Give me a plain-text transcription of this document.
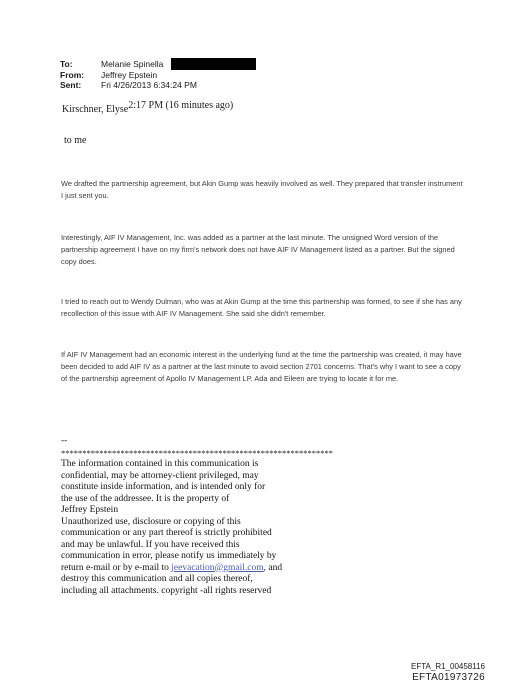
To:	Melanie Spinella
From:	Jeffrey Epstein
Sent:	Fri 4/26/2013 6:34:24 PM
Kirschner, Elyse$^{2:17 PM (16 minutes ago)}$
to me

We drafted the partnership agreement, but Akin Gump was heavily involved as well. They prepared that transfer instrument I just sent you.

Interestingly, AIF IV Management, Inc. was added as a partner at the last minute. The unsigned Word version of the partnership agreement I have on my firm's network does not have AIF IV Management listed as a partner. But the signed copy does.

I tried to reach out to Wendy Dulman, who was at Akin Gump at the time this partnership was formed, to see if she has any recollection of this issue with AIF IV Management. She said she didn't remember.

If AIF IV Management had an economic interest in the underlying fund at the time the partnership was created, it may have been decided to add AIF IV as a partner at the last minute to avoid section 2701 concerns. That's why I want to see a copy of the partnership agreement of Apollo IV Management LP. Ada and Eileen are trying to locate it for me.

--

****************************************************************

The information contained in this communication is

confidential, may be attorney-client privileged, may

constitute inside information, and is intended only for

the use of the addressee. It is the property of

Jeffrey Epstein

Unauthorized use, disclosure or copying of this

communication or any part thereof is strictly prohibited

and may be unlawful. If you have received this

communication in error, please notify us immediately by

return e-mail or by e-mail to jeevacation@gmail.com, and

destroy this communication and all copies thereof,

including all attachments. copyright -all rights reserved

EFTA_R1_00458116
EFTA01973726
